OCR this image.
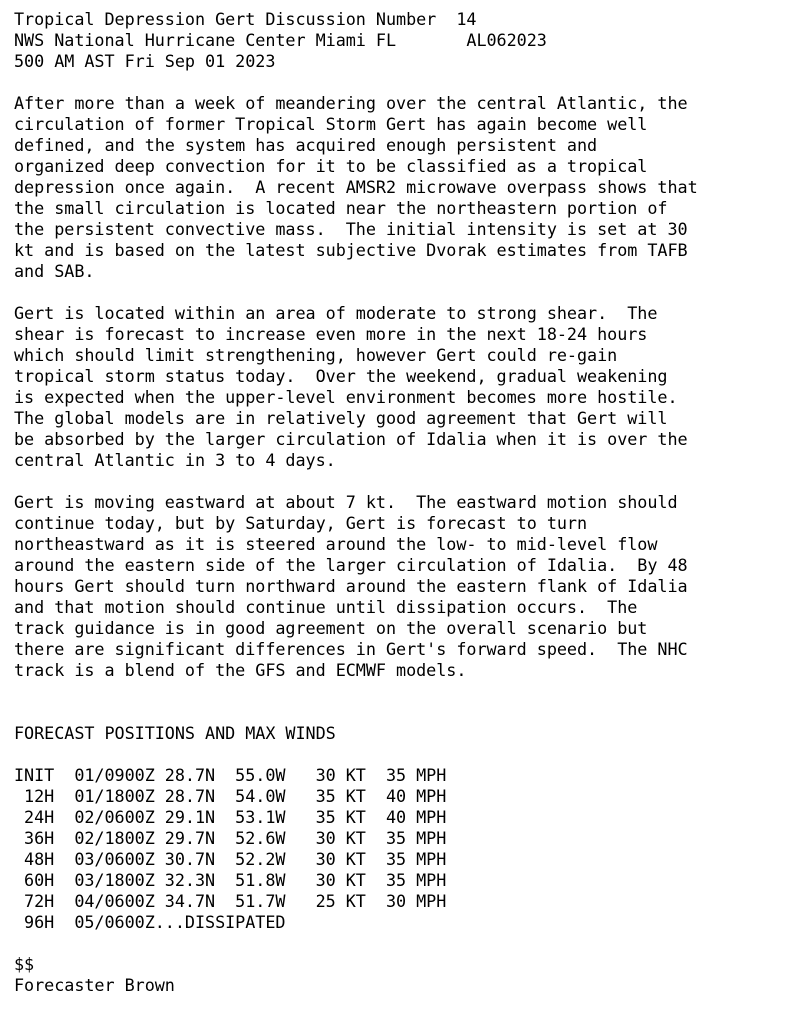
Tropical Depression Gert Discussion Number  14
NWS National Hurricane Center Miami FL       AL062023
500 AM AST Fri Sep 01 2023
After more than a week of meandering over the central Atlantic, the
circulation of former Tropical Storm Gert has again become well
defined, and the system has acquired enough persistent and
organized deep convection for it to be classified as a tropical
depression once again.  A recent AMSR2 microwave overpass shows that
the small circulation is located near the northeastern portion of
the persistent convective mass.  The initial intensity is set at 30
kt and is based on the latest subjective Dvorak estimates from TAFB
and SAB.
Gert is located within an area of moderate to strong shear.  The
shear is forecast to increase even more in the next 18-24 hours
which should limit strengthening, however Gert could re-gain
tropical storm status today.  Over the weekend, gradual weakening
is expected when the upper-level environment becomes more hostile.
The global models are in relatively good agreement that Gert will
be absorbed by the larger circulation of Idalia when it is over the
central Atlantic in 3 to 4 days.
Gert is moving eastward at about 7 kt.  The eastward motion should
continue today, but by Saturday, Gert is forecast to turn
northeastward as it is steered around the low- to mid-level flow
around the eastern side of the larger circulation of Idalia.  By 48
hours Gert should turn northward around the eastern flank of Idalia
and that motion should continue until dissipation occurs.  The
track guidance is in good agreement on the overall scenario but
there are significant differences in Gert's forward speed.  The NHC
track is a blend of the GFS and ECMWF models.
FORECAST POSITIONS AND MAX WINDS
INIT  01/0900Z 28.7N  55.0W   30 KT  35 MPH
12H  01/1800Z 28.7N  54.0W   35 KT  40 MPH
24H  02/0600Z 29.1N  53.1W   35 KT  40 MPH
36H  02/1800Z 29.7N  52.6W   30 KT  35 MPH
48H  03/0600Z 30.7N  52.2W   30 KT  35 MPH
60H  03/1800Z 32.3N  51.8W   30 KT  35 MPH
72H  04/0600Z 34.7N  51.7W   25 KT  30 MPH
96H  05/0600Z...DISSIPATED
$$
Forecaster Brown
